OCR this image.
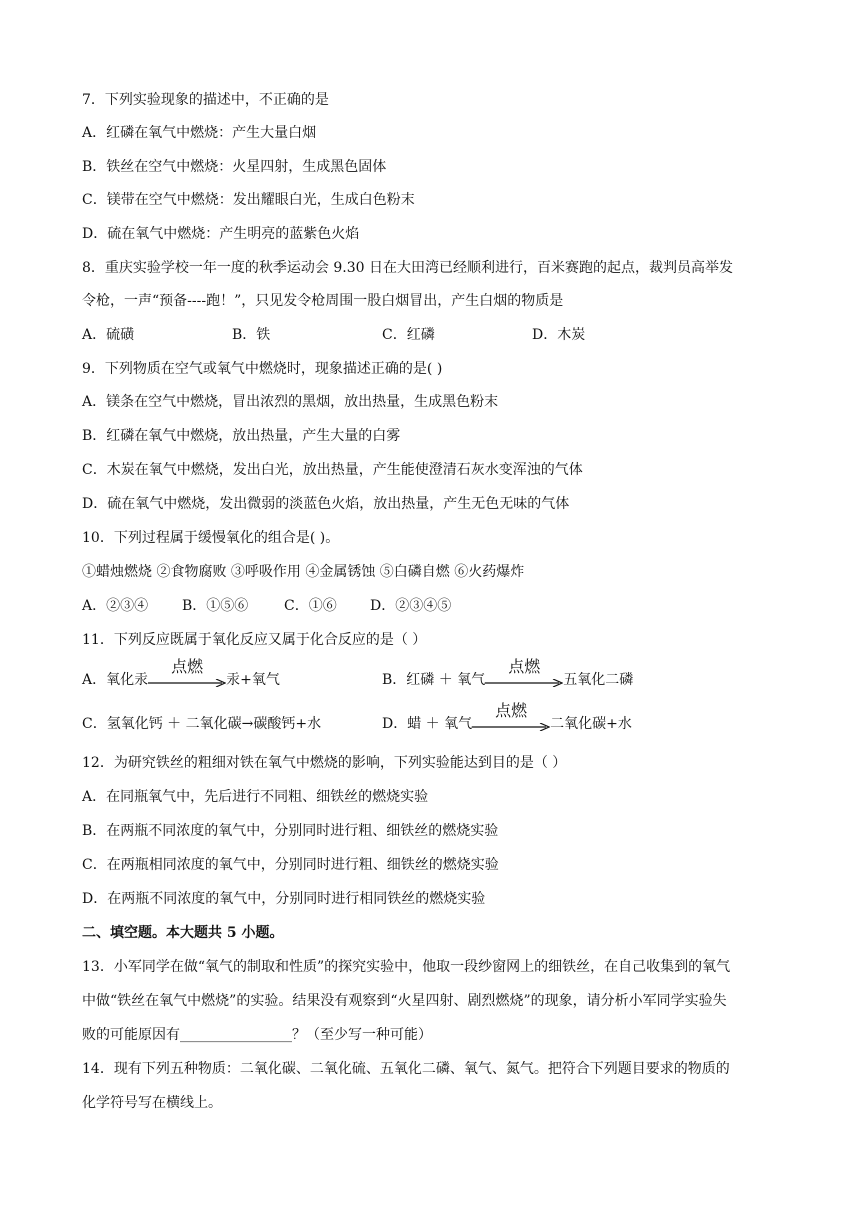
7．下列实验现象的描述中，不正确的是
A．红磷在氧气中燃烧：产生大量白烟
B．铁丝在空气中燃烧：火星四射，生成黑色固体
C．镁带在空气中燃烧：发出耀眼白光，生成白色粉末
D．硫在氧气中燃烧：产生明亮的蓝紫色火焰
8．重庆实验学校一年一度的秋季运动会 9.30 日在大田湾已经顺利进行，百米赛跑的起点，裁判员高举发
令枪，一声“预备----跑！”，只见发令枪周围一股白烟冒出，产生白烟的物质是
A．硫磺	B．铁	C．红磷	D．木炭
9．下列物质在空气或氧气中燃烧时，现象描述正确的是( )
A．镁条在空气中燃烧，冒出浓烈的黑烟，放出热量，生成黑色粉末
B．红磷在氧气中燃烧，放出热量，产生大量的白雾
C．木炭在氧气中燃烧，发出白光，放出热量，产生能使澄清石灰水变浑浊的气体
D．硫在氧气中燃烧，发出微弱的淡蓝色火焰，放出热量，产生无色无味的气体
10．下列过程属于缓慢氧化的组合是( )。
①蜡烛燃烧 ②食物腐败 ③呼吸作用 ④金属锈蚀 ⑤白磷自燃 ⑥火药爆炸
A．②③④ B．①⑤⑥	C．①⑥ D．②③④⑤
11．下列反应既属于氧化反应又属于化合反应的是（ ）
A．氧化汞
点燃
汞+氧气	B．红磷 ＋ 氧气
点燃
五氧化二磷
C．氢氧化钙 ＋ 二氧化碳→碳酸钙+水	D．蜡 ＋ 氧气
点燃
二氧化碳+水
12．为研究铁丝的粗细对铁在氧气中燃烧的影响，下列实验能达到目的是（ ）
A．在同瓶氧气中，先后进行不同粗、细铁丝的燃烧实验
B．在两瓶不同浓度的氧气中，分别同时进行粗、细铁丝的燃烧实验
C．在两瓶相同浓度的氧气中，分别同时进行粗、细铁丝的燃烧实验
D．在两瓶不同浓度的氧气中，分别同时进行相同铁丝的燃烧实验
二、填空题。本大题共 5 小题。
13．小军同学在做“氧气的制取和性质”的探究实验中，他取一段纱窗网上的细铁丝，在自己收集到的氧气
中做“铁丝在氧气中燃烧”的实验。结果没有观察到“火星四射、剧烈燃烧”的现象，请分析小军同学实验失
败的可能原因有________________？（至少写一种可能）
14．现有下列五种物质：二氧化碳、二氧化硫、五氧化二磷、氧气、氮气。把符合下列题目要求的物质的
化学符号写在横线上。
